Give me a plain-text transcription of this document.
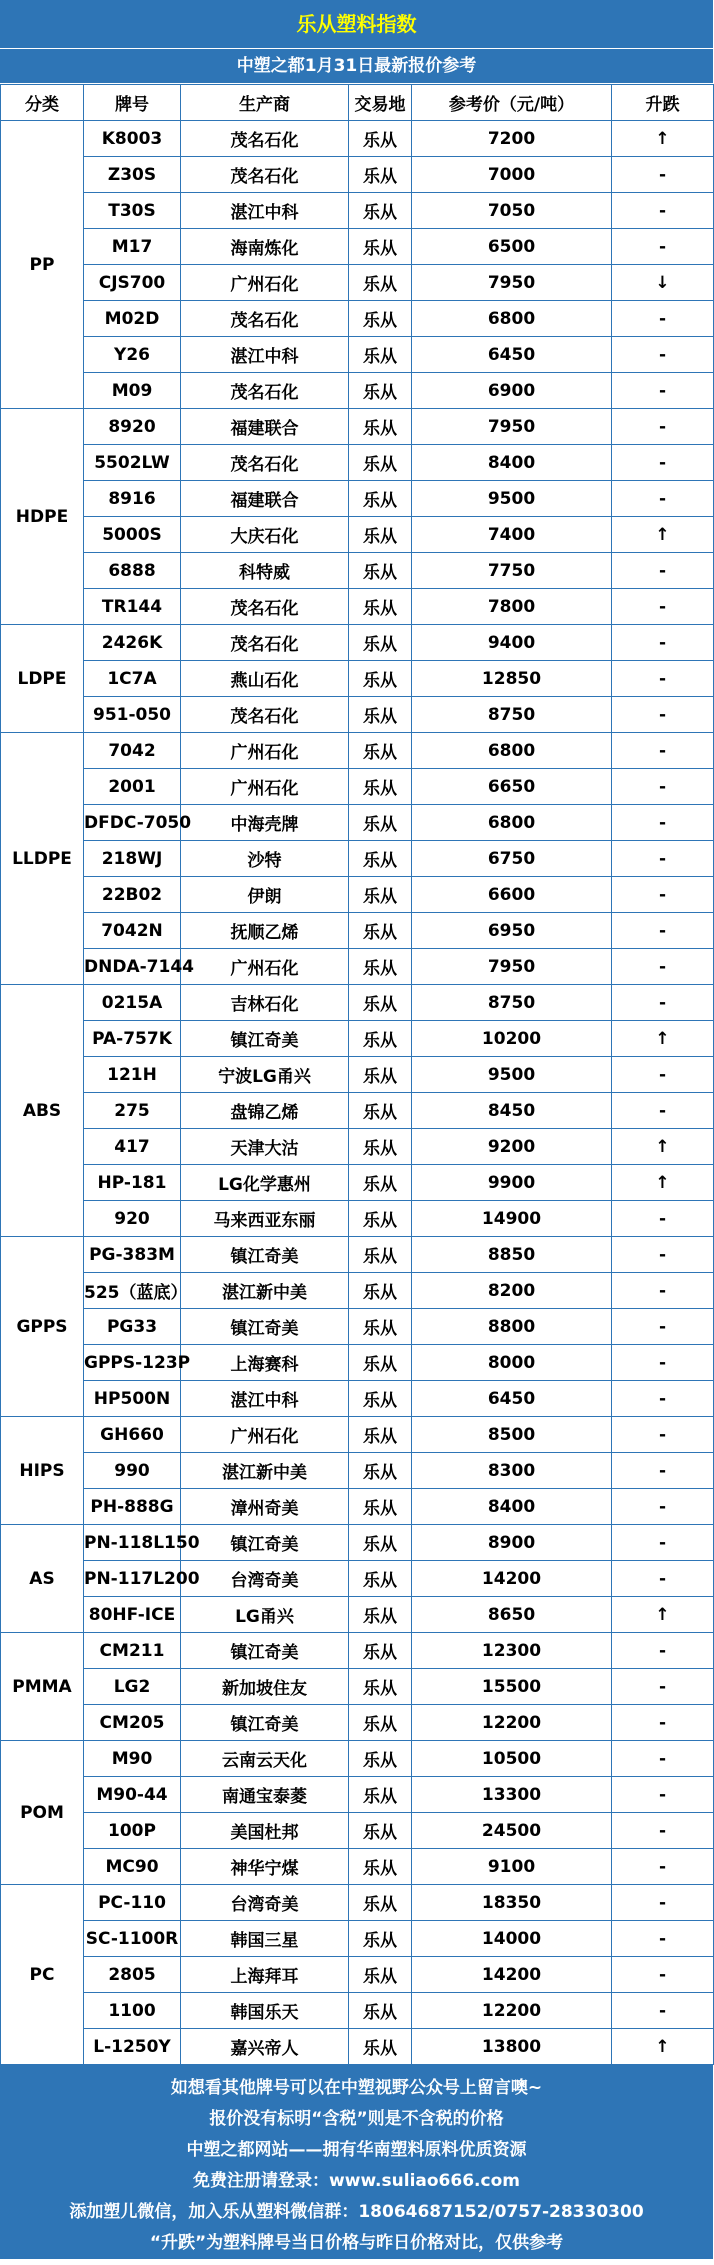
乐从塑料指数
中塑之都1月31日最新报价参考
分类	牌号	生产商	交易地	参考价（元/吨）	升跌
PP	K8003	茂名石化	乐从	7200	↑
	Z30S	茂名石化	乐从	7000	-
	T30S	湛江中科	乐从	7050	-
	M17	海南炼化	乐从	6500	-
	CJS700	广州石化	乐从	7950	↓
	M02D	茂名石化	乐从	6800	-
	Y26	湛江中科	乐从	6450	-
	M09	茂名石化	乐从	6900	-
HDPE	8920	福建联合	乐从	7950	-
	5502LW	茂名石化	乐从	8400	-
	8916	福建联合	乐从	9500	-
	5000S	大庆石化	乐从	7400	↑
	6888	科特威	乐从	7750	-
	TR144	茂名石化	乐从	7800	-
LDPE	2426K	茂名石化	乐从	9400	-
	1C7A	燕山石化	乐从	12850	-
	951-050	茂名石化	乐从	8750	-
LLDPE	7042	广州石化	乐从	6800	-
	2001	广州石化	乐从	6650	-
	DFDC-7050	中海壳牌	乐从	6800	-
	218WJ	沙特	乐从	6750	-
	22B02	伊朗	乐从	6600	-
	7042N	抚顺乙烯	乐从	6950	-
	DNDA-7144	广州石化	乐从	7950	-
ABS	0215A	吉林石化	乐从	8750	-
	PA-757K	镇江奇美	乐从	10200	↑
	121H	宁波LG甬兴	乐从	9500	-
	275	盘锦乙烯	乐从	8450	-
	417	天津大沽	乐从	9200	↑
	HP-181	LG化学惠州	乐从	9900	↑
	920	马来西亚东丽	乐从	14900	-
GPPS	PG-383M	镇江奇美	乐从	8850	-
	525（蓝底）	湛江新中美	乐从	8200	-
	PG33	镇江奇美	乐从	8800	-
	GPPS-123P	上海赛科	乐从	8000	-
	HP500N	湛江中科	乐从	6450	-
HIPS	GH660	广州石化	乐从	8500	-
	990	湛江新中美	乐从	8300	-
	PH-888G	漳州奇美	乐从	8400	-
AS	PN-118L150	镇江奇美	乐从	8900	-
	PN-117L200	台湾奇美	乐从	14200	-
	80HF-ICE	LG甬兴	乐从	8650	↑
PMMA	CM211	镇江奇美	乐从	12300	-
	LG2	新加坡住友	乐从	15500	-
	CM205	镇江奇美	乐从	12200	-
POM	M90	云南云天化	乐从	10500	-
	M90-44	南通宝泰菱	乐从	13300	-
	100P	美国杜邦	乐从	24500	-
	MC90	神华宁煤	乐从	9100	-
PC	PC-110	台湾奇美	乐从	18350	-
	SC-1100R	韩国三星	乐从	14000	-
	2805	上海拜耳	乐从	14200	-
	1100	韩国乐天	乐从	12200	-
	L-1250Y	嘉兴帝人	乐从	13800	↑
如想看其他牌号可以在中塑视野公众号上留言噢~
报价没有标明“含税”则是不含税的价格
中塑之都网站——拥有华南塑料原料优质资源
免费注册请登录：www.suliao666.com
添加塑儿微信，加入乐从塑料微信群：18064687152/0757-28330300
“升跌”为塑料牌号当日价格与昨日价格对比，仅供参考
